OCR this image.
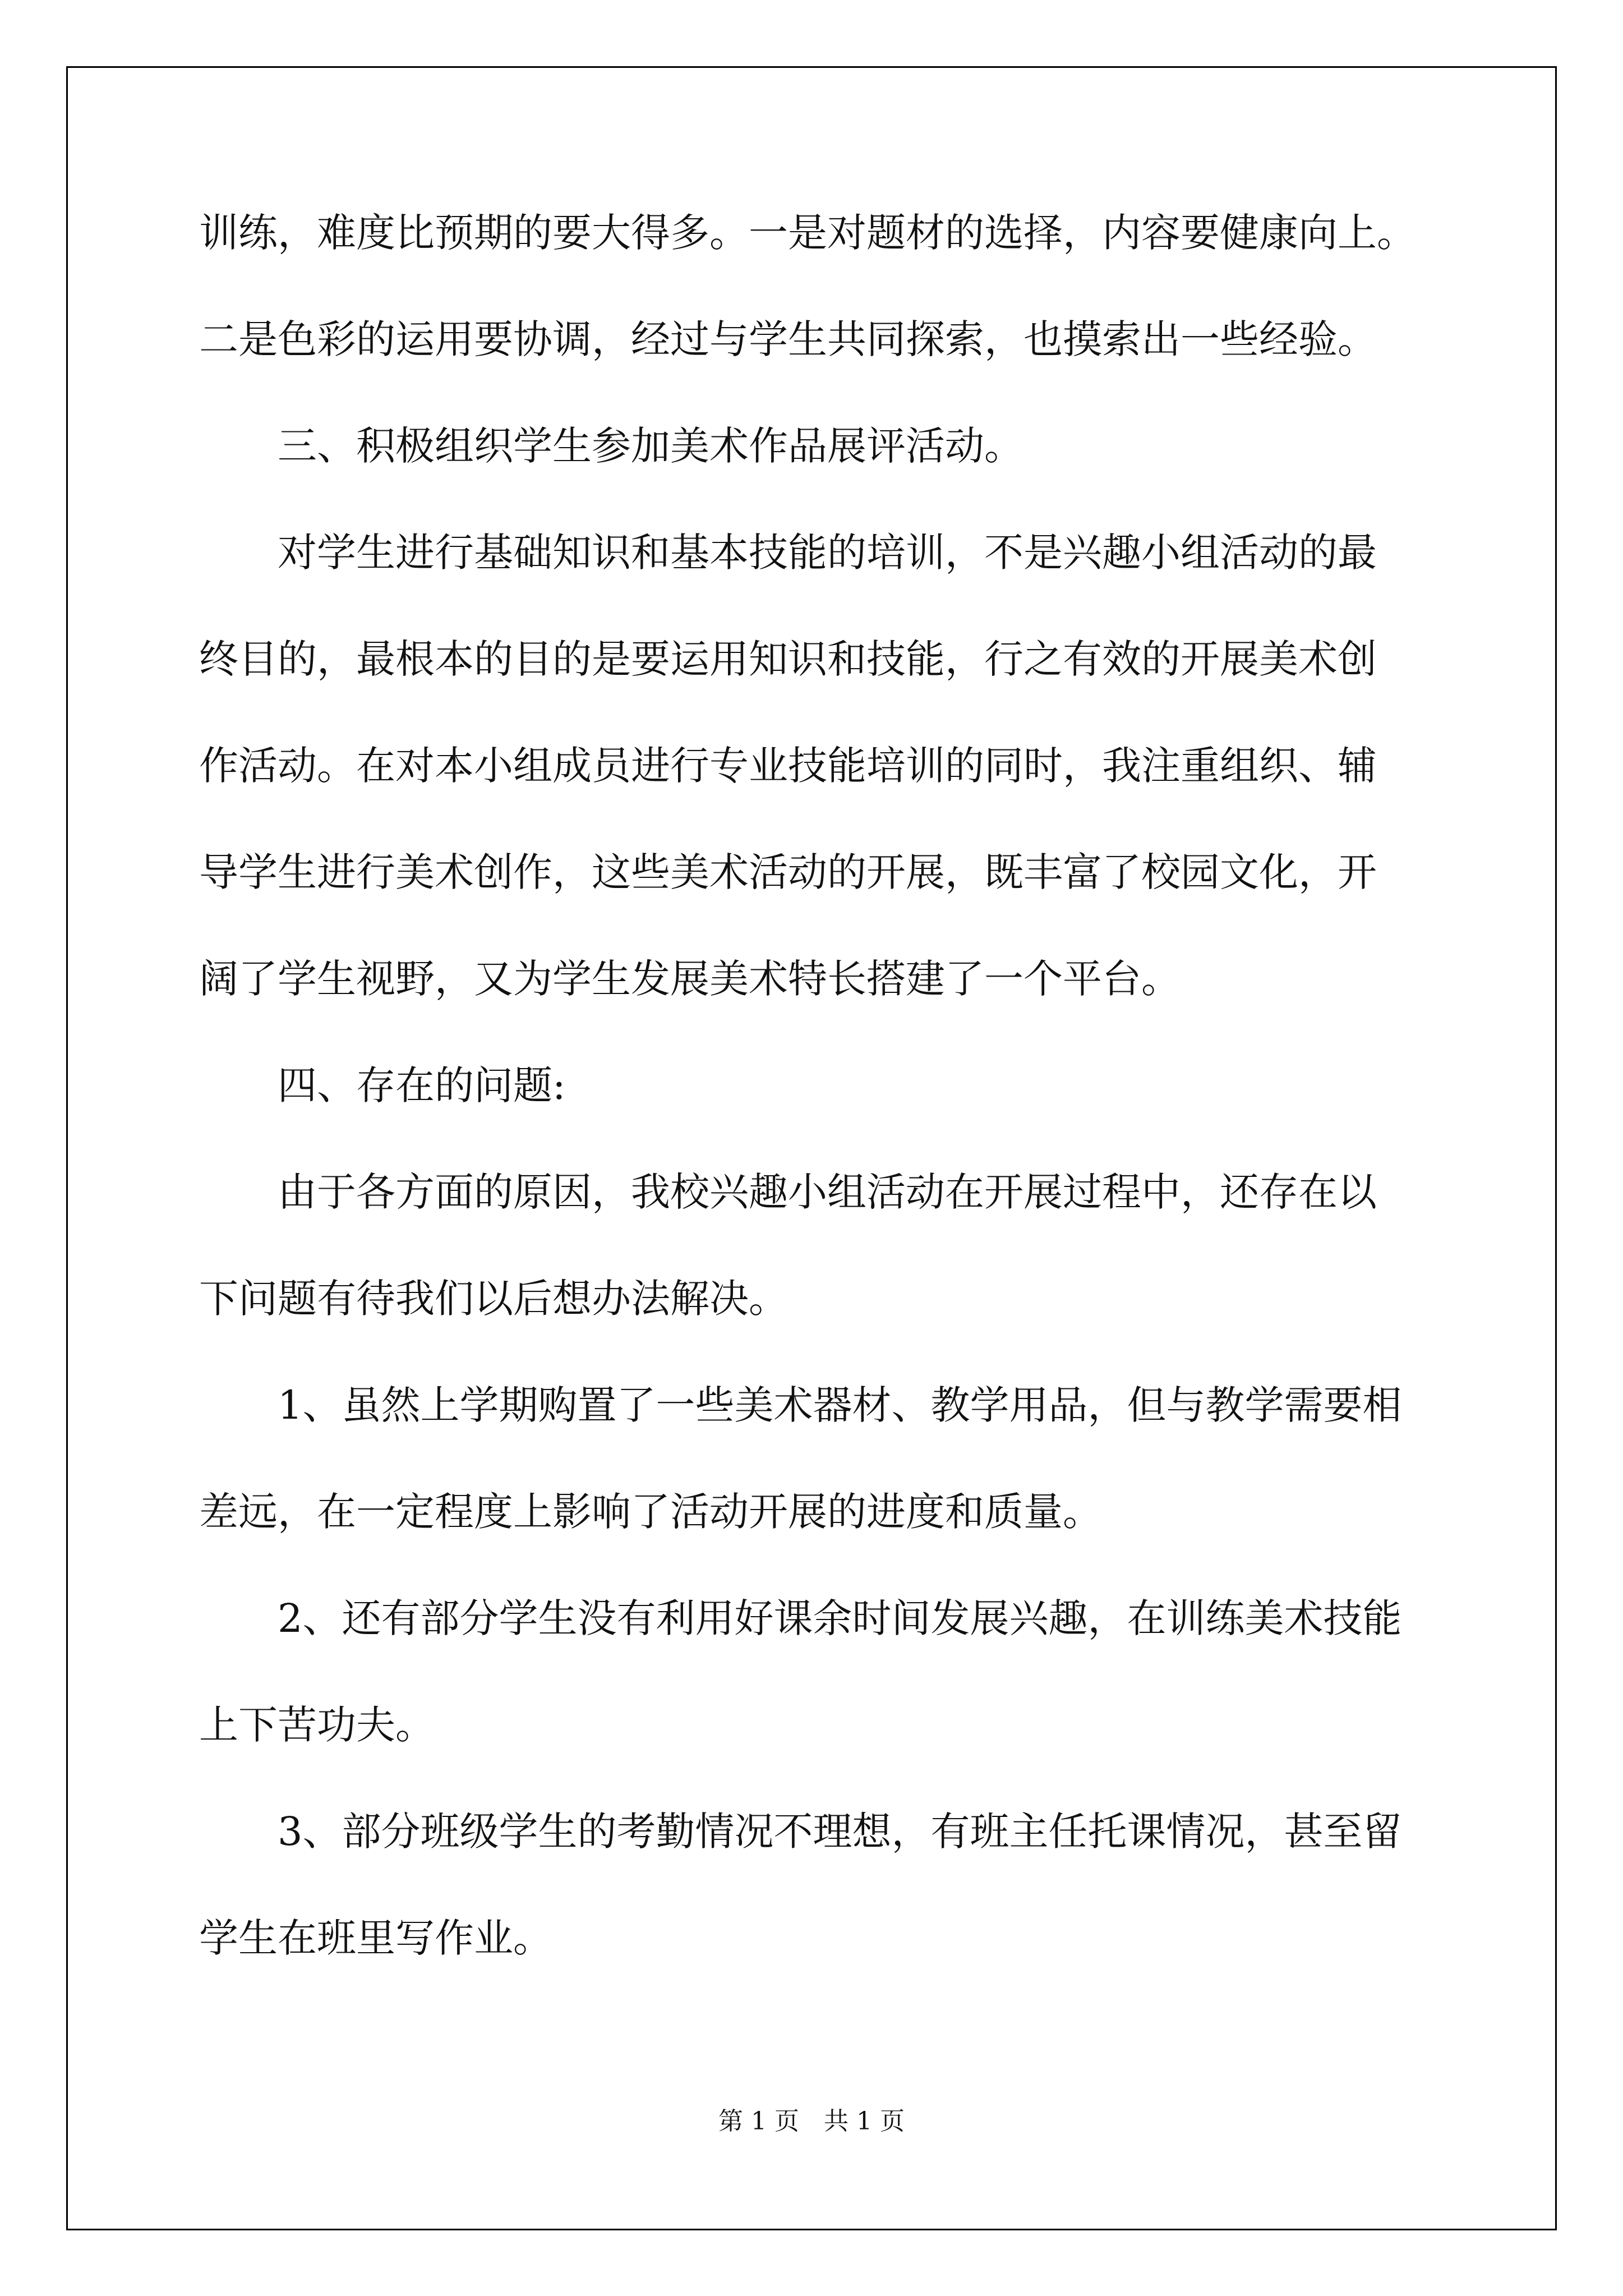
训练，难度比预期的要大得多。一是对题材的选择，内容要健康向上。
二是色彩的运用要协调，经过与学生共同探索，也摸索出一些经验。
三、积极组织学生参加美术作品展评活动。
对学生进行基础知识和基本技能的培训，不是兴趣小组活动的最
终目的，最根本的目的是要运用知识和技能，行之有效的开展美术创
作活动。在对本小组成员进行专业技能培训的同时，我注重组织、辅
导学生进行美术创作，这些美术活动的开展，既丰富了校园文化，开
阔了学生视野，又为学生发展美术特长搭建了一个平台。
四、存在的问题:
由于各方面的原因，我校兴趣小组活动在开展过程中，还存在以
下问题有待我们以后想办法解决。
1、虽然上学期购置了一些美术器材、教学用品，但与教学需要相
差远，在一定程度上影响了活动开展的进度和质量。
2、还有部分学生没有利用好课余时间发展兴趣，在训练美术技能
上下苦功夫。
3、部分班级学生的考勤情况不理想，有班主任托课情况，甚至留
学生在班里写作业。
第 1 页　共 1 页
